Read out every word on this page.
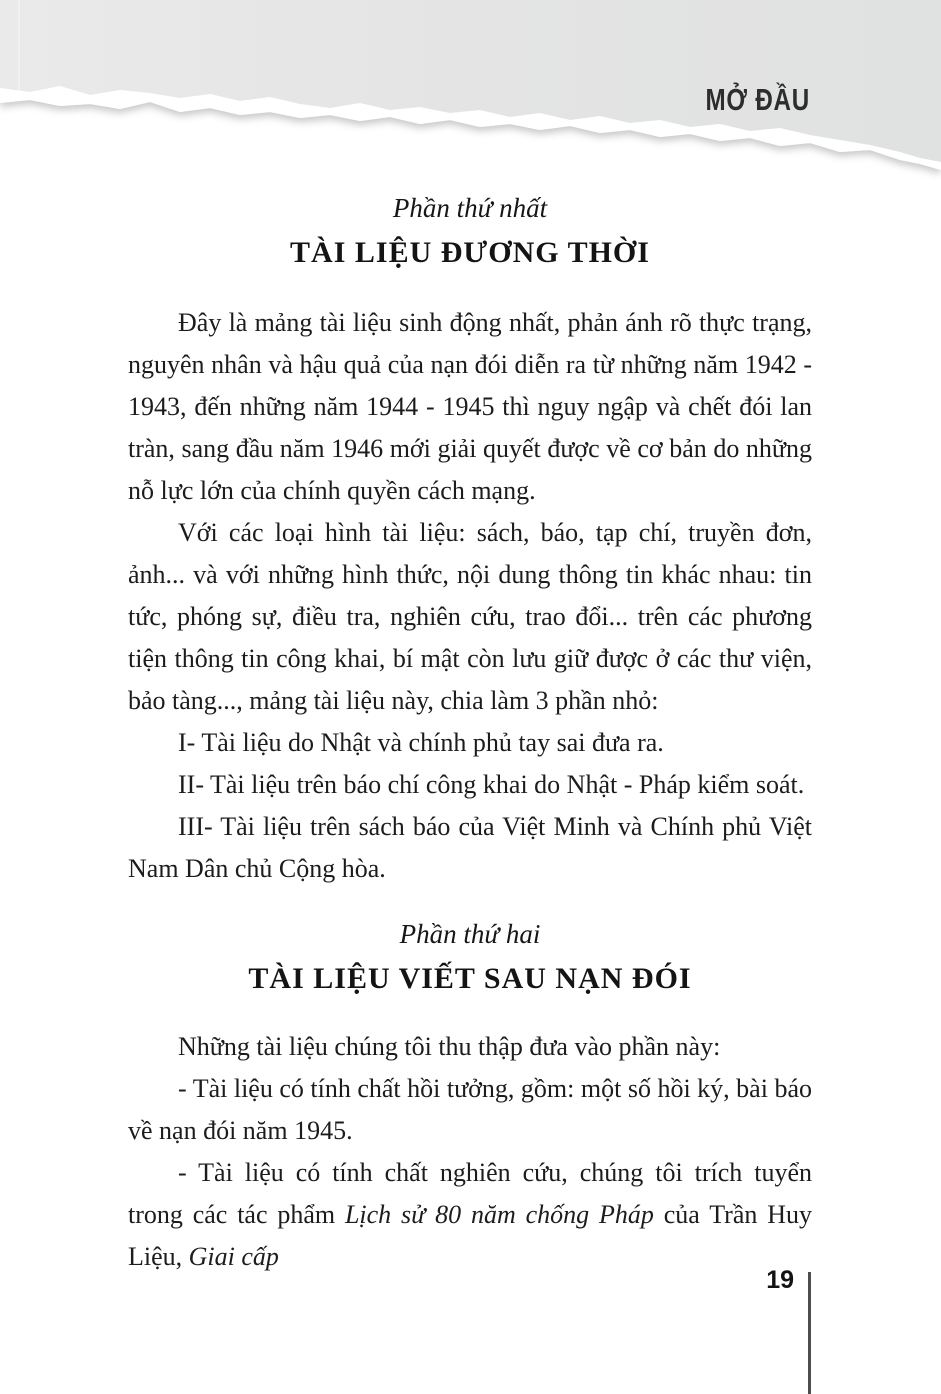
MỞ ĐẦU

Phần thứ nhất

TÀI LIỆU ĐƯƠNG THỜI

Đây là mảng tài liệu sinh động nhất, phản ánh rõ thực trạng, nguyên nhân và hậu quả của nạn đói diễn ra từ những năm 1942 - 1943, đến những năm 1944 - 1945 thì nguy ngập và chết đói lan tràn, sang đầu năm 1946 mới giải quyết được về cơ bản do những nỗ lực lớn của chính quyền cách mạng.

Với các loại hình tài liệu: sách, báo, tạp chí, truyền đơn, ảnh... và với những hình thức, nội dung thông tin khác nhau: tin tức, phóng sự, điều tra, nghiên cứu, trao đổi... trên các phương tiện thông tin công khai, bí mật còn lưu giữ được ở các thư viện, bảo tàng..., mảng tài liệu này, chia làm 3 phần nhỏ:

I- Tài liệu do Nhật và chính phủ tay sai đưa ra.

II- Tài liệu trên báo chí công khai do Nhật - Pháp kiểm soát.

III- Tài liệu trên sách báo của Việt Minh và Chính phủ Việt Nam Dân chủ Cộng hòa.

Phần thứ hai

TÀI LIỆU VIẾT SAU NẠN ĐÓI

Những tài liệu chúng tôi thu thập đưa vào phần này:

- Tài liệu có tính chất hồi tưởng, gồm: một số hồi ký, bài báo về nạn đói năm 1945.

- Tài liệu có tính chất nghiên cứu, chúng tôi trích tuyển trong các tác phẩm Lịch sử 80 năm chống Pháp của Trần Huy Liệu, Giai cấp

19
